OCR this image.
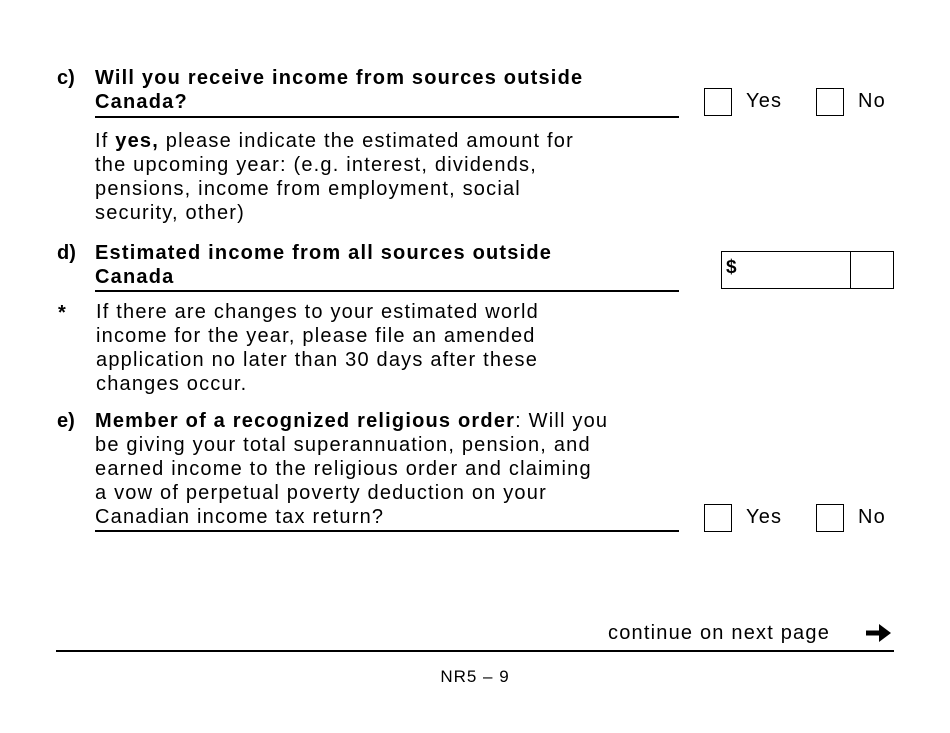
c) Will you receive income from sources outside
Canada?	Yes	No
If yes, please indicate the estimated amount for
the upcoming year: (e.g. interest, dividends,
pensions, income from employment, social
security, other)
d) Estimated income from all sources outside
Canada	$
* If there are changes to your estimated world
income for the year, please file an amended
application no later than 30 days after these
changes occur.
e) Member of a recognized religious order: Will you
be giving your total superannuation, pension, and
earned income to the religious order and claiming
a vow of perpetual poverty deduction on your
Canadian income tax return?	Yes	No
continue on next page
NR5 – 9
